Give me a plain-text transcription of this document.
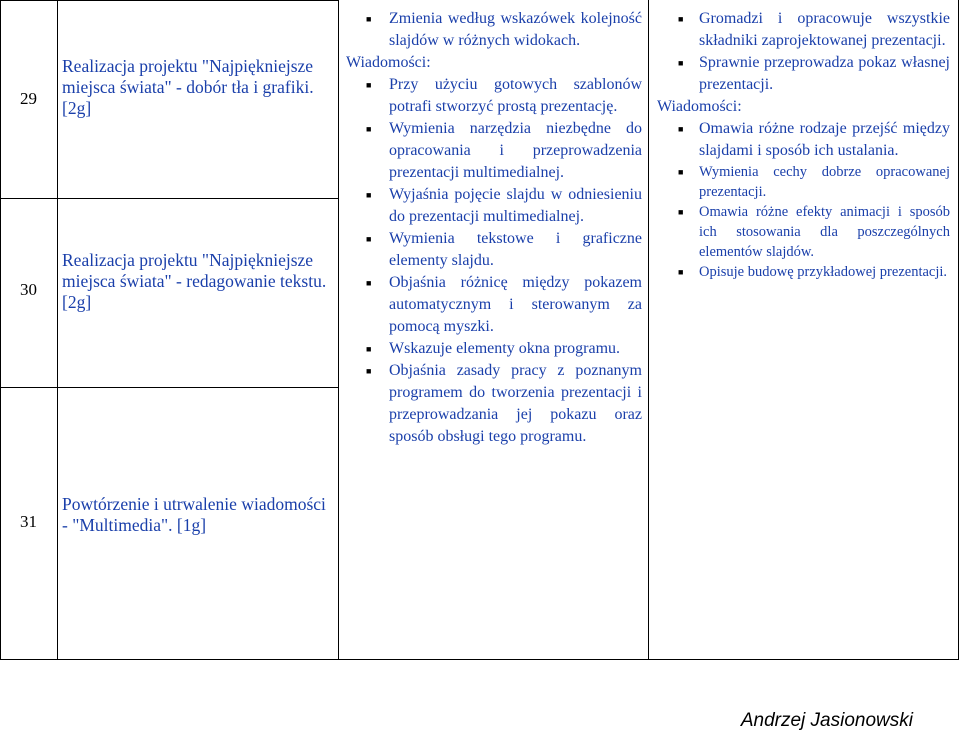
29
30
31
Realizacja projektu "Najpiękniejsze miejsca świata" - dobór tła i grafiki. [2g]
Realizacja projektu "Najpiękniejsze miejsca świata" - redagowanie tekstu. [2g]
Powtórzenie i utrwalenie wiadomości - "Multimedia". [1g]
■ Zmienia według wskazówek kolejność slajdów w różnych widokach.
Wiadomości:
■ Przy użyciu gotowych szablonów potrafi stworzyć prostą prezentację.
■ Wymienia narzędzia niezbędne do opracowania i przeprowadzenia prezentacji multimedialnej.
■ Wyjaśnia pojęcie slajdu w odniesieniu do prezentacji multimedialnej.
■ Wymienia tekstowe i graficzne elementy slajdu.
■ Objaśnia różnicę między pokazem automatycznym i sterowanym za pomocą myszki.
■ Wskazuje elementy okna programu.
■ Objaśnia zasady pracy z poznanym programem do tworzenia prezentacji i przeprowadzania jej pokazu oraz sposób obsługi tego programu.
■ Gromadzi i opracowuje wszystkie składniki zaprojektowanej prezentacji.
■ Sprawnie przeprowadza pokaz własnej prezentacji.
Wiadomości:
■ Omawia różne rodzaje przejść między slajdami i sposób ich ustalania.
■ Wymienia cechy dobrze opracowanej prezentacji.
■ Omawia różne efekty animacji i sposób ich stosowania dla poszczególnych elementów slajdów.
■ Opisuje budowę przykładowej prezentacji.
Andrzej Jasionowski
